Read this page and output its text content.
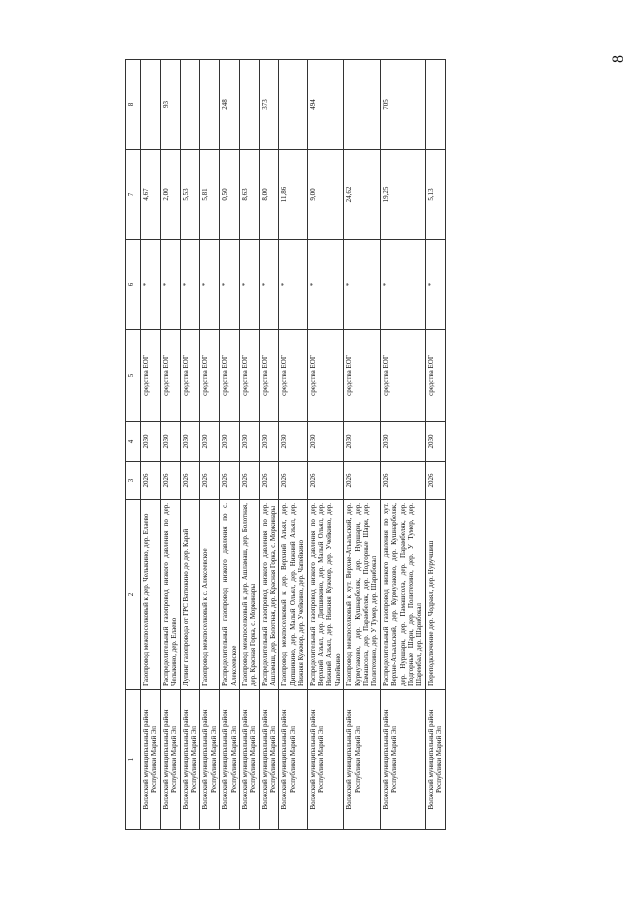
8
1	2	3	4	5	6	7	8
Волжский муниципальный район Республики Марий Эл	Газопровод межпоселковый к дер. Челыкино, дер. Елаево	2026	2030	средства ЕОГ	*	4,67	
Волжский муниципальный район Республики Марий Эл	Распределительный газопровод низкого давления по дер. Челыкино, дер. Елаево	2026	2030	средства ЕОГ	*	2,00	93
Волжский муниципальный район Республики Марий Эл	Лупинг газопровода от ГРС Ватюкино до дер. Карай	2026	2030	средства ЕОГ	*	5,53	
Волжский муниципальный район Республики Марий Эл	Газопровод межпоселковый к с. Алексеевское	2026	2030	средства ЕОГ	*	5,81	
Волжский муниципальный район Республики Марий Эл	Распределительный газопровод низкого давления по с. Алексеевское	2026	2030	средства ЕОГ	*	0,50	248
Волжский муниципальный район Республики Марий Эл	Газопровод межпоселковый к дер. Ашламаш, дер. Болотная, дер. Красная Горка, с. Моркинары	2026	2030	средства ЕОГ	*	8,63	
Волжский муниципальный район Республики Марий Эл	Распределительный газопровод низкого давления по дер. Ашламаш, дер. Болотная, дер. Красная Горка, с. Моркинары	2026	2030	средства ЕОГ	*	8,00	373
Волжский муниципальный район Республики Марий Эл	Газопровод межпоселковый к дер. Верхний Азъял, дер. Дипшикино, дер. Малый Ольял, дер. Нижний Азъял, дер. Нижняя Кужмор, дер. Учейкино, дер. Чапейкино	2026	2030	средства ЕОГ	*	11,86	
Волжский муниципальный район Республики Марий Эл	Распределительный газопровод низкого давления по дер. Верхний Азъял, дер. Дипшикино, дер. Малый Ольял, дер. Нижний Азъял, дер. Нижняя Кужмор, дер. Учейкино, дер. Чапейкино	2026	2030	средства ЕОГ	*	9,00	494
Волжский муниципальный район Республики Марий Эл	Газопровод межпоселковый к хут. Верхне-Атьальский, дер. Курмузаково, дер. Кушнарбеляк, дер. Нуршари, дер. Памашсола, дер. Парамбеляк, дер. Подгорные Шари, дер. Политехино, дер. У Тумер, дер. Шарибокал	2026	2030	средства ЕОГ	*	24,62	
Волжский муниципальный район Республики Марий Эл	Распределительный газопровод низкого давления по хут. Верхне-Атьальский, дер. Курмузаково, дер. Кушнарбеляк, дер. Нуршари, дер. Памашсола, дер. Парамбеляк, дер. Подгорные Шари, дер. Политехино, дер. У Тумер, дер. Шарембал, дер. Шарибокал	2026	2030	средства ЕОГ	*	19,25	705
Волжский муниципальный район Республики Марий Эл	Переподключение дер. Чодраял, дер. Нуручшиш	2026	2030	средства ЕОГ	*	5,13	
